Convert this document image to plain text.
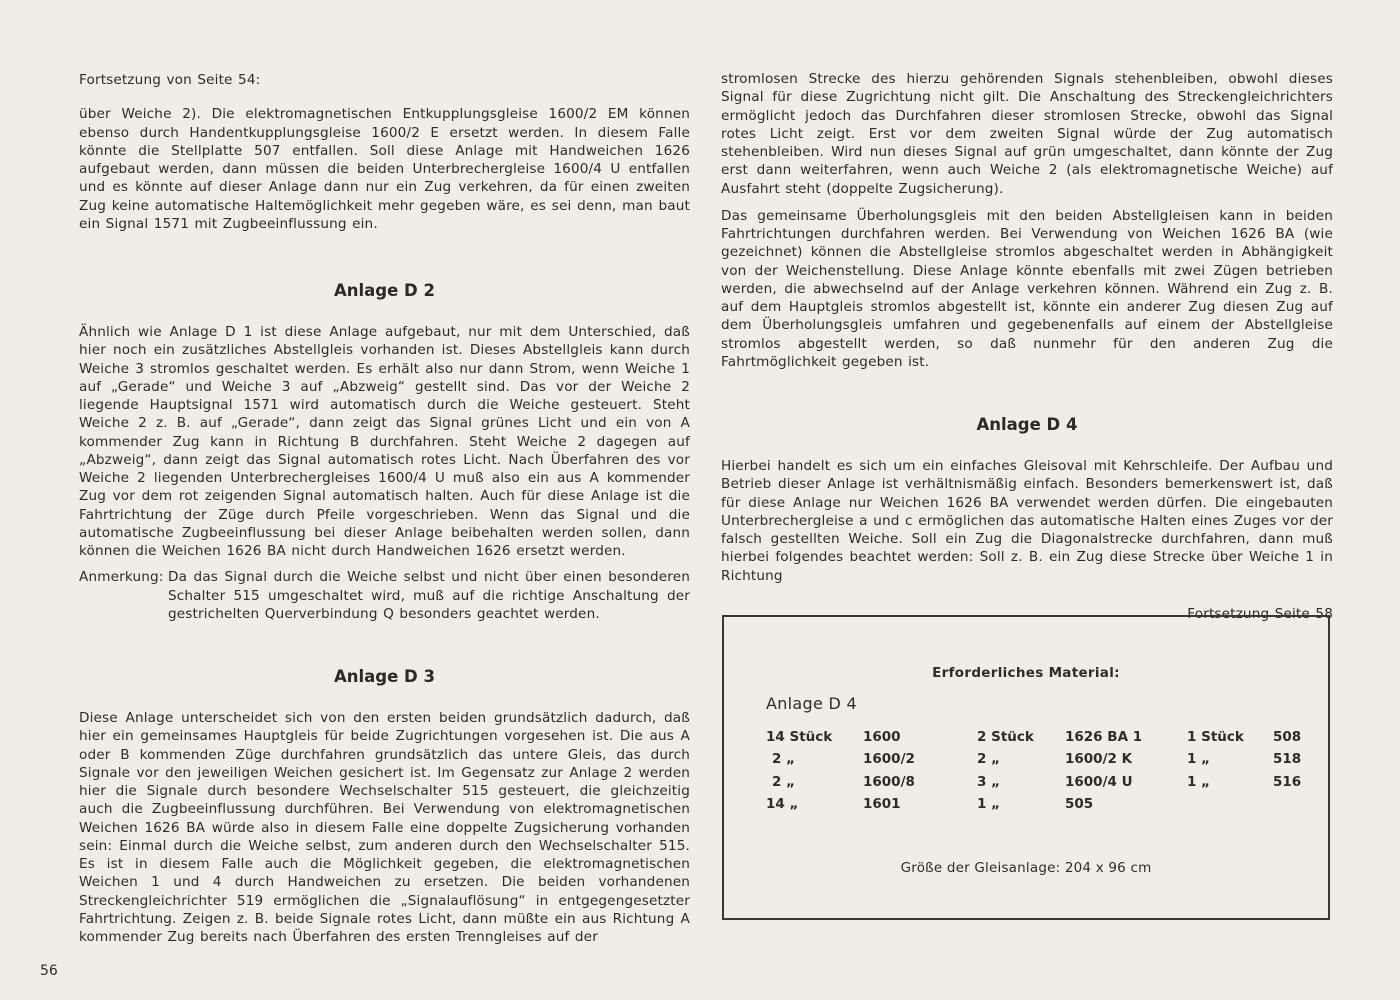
Fortsetzung von Seite 54:

über Weiche 2). Die elektromagnetischen Entkupplungsgleise 1600/2 EM können ebenso durch Handentkupplungsgleise 1600/2 E ersetzt werden. In diesem Falle könnte die Stellplatte 507 entfallen. Soll diese Anlage mit Handweichen 1626 aufgebaut werden, dann müssen die beiden Unterbrechergleise 1600/4 U entfallen und es könnte auf dieser Anlage dann nur ein Zug verkehren, da für einen zweiten Zug keine automatische Haltemöglichkeit mehr gegeben wäre, es sei denn, man baut ein Signal 1571 mit Zugbeeinflussung ein.

Anlage D 2

Ähnlich wie Anlage D 1 ist diese Anlage aufgebaut, nur mit dem Unterschied, daß hier noch ein zusätzliches Abstellgleis vorhanden ist. Dieses Abstellgleis kann durch Weiche 3 stromlos geschaltet werden. Es erhält also nur dann Strom, wenn Weiche 1 auf „Gerade“ und Weiche 3 auf „Abzweig“ gestellt sind. Das vor der Weiche 2 liegende Hauptsignal 1571 wird automatisch durch die Weiche gesteuert. Steht Weiche 2 z. B. auf „Gerade“, dann zeigt das Signal grünes Licht und ein von A kommender Zug kann in Richtung B durchfahren. Steht Weiche 2 dagegen auf „Abzweig“, dann zeigt das Signal automatisch rotes Licht. Nach Überfahren des vor Weiche 2 liegenden Unterbrechergleises 1600/4 U muß also ein aus A kommender Zug vor dem rot zeigenden Signal automatisch halten. Auch für diese Anlage ist die Fahrtrichtung der Züge durch Pfeile vorgeschrieben. Wenn das Signal und die automatische Zugbeeinflussung bei dieser Anlage beibehalten werden sollen, dann können die Weichen 1626 BA nicht durch Handweichen 1626 ersetzt werden.

Anmerkung: Da das Signal durch die Weiche selbst und nicht über einen besonderen Schalter 515 umgeschaltet wird, muß auf die richtige Anschaltung der gestrichelten Querverbindung Q besonders geachtet werden.

Anlage D 3

Diese Anlage unterscheidet sich von den ersten beiden grundsätzlich dadurch, daß hier ein gemeinsames Hauptgleis für beide Zugrichtungen vorgesehen ist. Die aus A oder B kommenden Züge durchfahren grundsätzlich das untere Gleis, das durch Signale vor den jeweiligen Weichen gesichert ist. Im Gegensatz zur Anlage 2 werden hier die Signale durch besondere Wechselschalter 515 gesteuert, die gleichzeitig auch die Zugbeeinflussung durchführen. Bei Verwendung von elektromagnetischen Weichen 1626 BA würde also in diesem Falle eine doppelte Zugsicherung vorhanden sein: Einmal durch die Weiche selbst, zum anderen durch den Wechselschalter 515. Es ist in diesem Falle auch die Möglichkeit gegeben, die elektromagnetischen Weichen 1 und 4 durch Handweichen zu ersetzen. Die beiden vorhandenen Streckengleichrichter 519 ermöglichen die „Signalauflösung“ in entgegengesetzter Fahrtrichtung. Zeigen z. B. beide Signale rotes Licht, dann müßte ein aus Richtung A kommender Zug bereits nach Überfahren des ersten Trenngleises auf der

stromlosen Strecke des hierzu gehörenden Signals stehenbleiben, obwohl dieses Signal für diese Zugrichtung nicht gilt. Die Anschaltung des Streckengleichrichters ermöglicht jedoch das Durchfahren dieser stromlosen Strecke, obwohl das Signal rotes Licht zeigt. Erst vor dem zweiten Signal würde der Zug automatisch stehenbleiben. Wird nun dieses Signal auf grün umgeschaltet, dann könnte der Zug erst dann weiterfahren, wenn auch Weiche 2 (als elektromagnetische Weiche) auf Ausfahrt steht (doppelte Zugsicherung).

Das gemeinsame Überholungsgleis mit den beiden Abstellgleisen kann in beiden Fahrtrichtungen durchfahren werden. Bei Verwendung von Weichen 1626 BA (wie gezeichnet) können die Abstellgleise stromlos abgeschaltet werden in Abhängigkeit von der Weichenstellung. Diese Anlage könnte ebenfalls mit zwei Zügen betrieben werden, die abwechselnd auf der Anlage verkehren können. Während ein Zug z. B. auf dem Hauptgleis stromlos abgestellt ist, könnte ein anderer Zug diesen Zug auf dem Überholungsgleis umfahren und gegebenenfalls auf einem der Abstellgleise stromlos abgestellt werden, so daß nunmehr für den anderen Zug die Fahrtmöglichkeit gegeben ist.

Anlage D 4

Hierbei handelt es sich um ein einfaches Gleisoval mit Kehrschleife. Der Aufbau und Betrieb dieser Anlage ist verhältnismäßig einfach. Besonders bemerkenswert ist, daß für diese Anlage nur Weichen 1626 BA verwendet werden dürfen. Die eingebauten Unterbrechergleise a und c ermöglichen das automatische Halten eines Zuges vor der falsch gestellten Weiche. Soll ein Zug die Diagonalstrecke durchfahren, dann muß hierbei folgendes beachtet werden: Soll z. B. ein Zug diese Strecke über Weiche 1 in Richtung

Fortsetzung Seite 58

Erforderliches Material:
Anlage D 4
14 Stück	1600	2 Stück	1626 BA 1	1 Stück	508
2 „	1600/2	2 „	1600/2 K	1 „	518
2 „	1600/8	3 „	1600/4 U	1 „	516
14 „	1601	1 „	505
Größe der Gleisanlage: 204 x 96 cm
56
